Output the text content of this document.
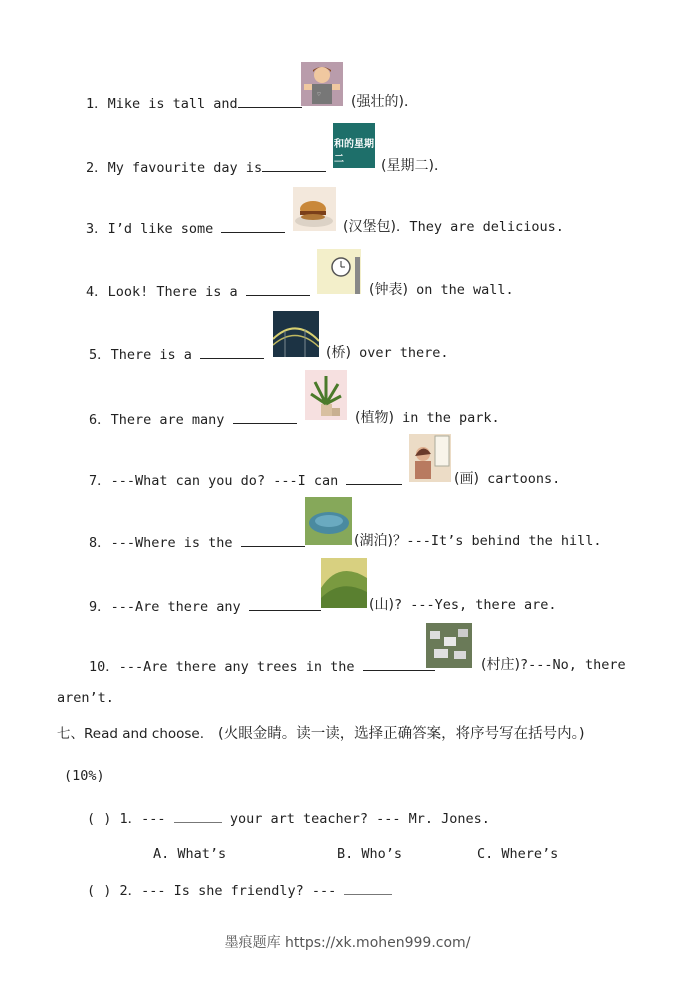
1．Mike is tall and
♡ (强壮的)．
2．My favourite day is
和的星期二	(星期二)．
3．I’d like some	(汉堡包)．They are delicious.
4．Look! There is a	(钟表) on the wall.
5．There is a	(桥) over there.
6．There are many	(植物) in the park.
7．---What can you do? ---I can	(画) cartoons.
8．---Where is the	(湖泊)？---It’s behind the hill.
9．---Are there any	(山)? ---Yes, there are.
10．---Are there any trees in the	(村庄)?---No, there
aren’t.
七、Read and choose. (火眼金睛。读一读，选择正确答案，将序号写在括号内。)
(10%)
( ) 1．---	your art teacher? --- Mr. Jones.
A. What’s	B. Who’s	C. Where’s
( ) 2．--- Is she friendly? ---
墨痕题库 https://xk.mohen999.com/
